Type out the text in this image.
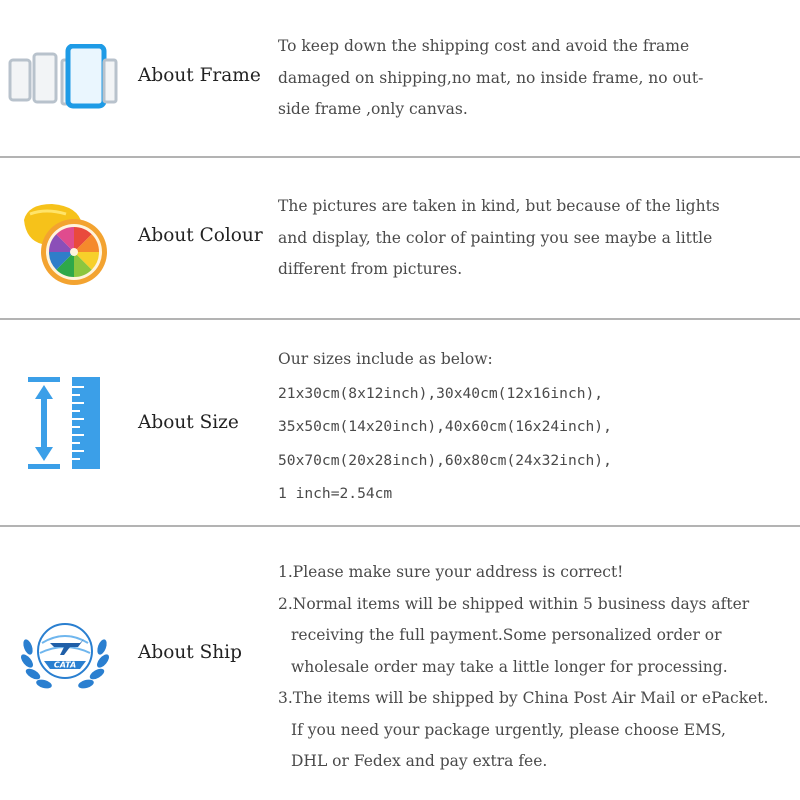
About Frame
To keep down the shipping cost and avoid the frame
damaged on shipping,no mat, no inside frame, no out-
side frame ,only canvas.
About Colour
The pictures are taken in kind, but because of the lights
and display, the color of painting you see maybe a little
different from pictures.
About Size
Our sizes include as below:
21x30cm(8x12inch),30x40cm(12x16inch),
35x50cm(14x20inch),40x60cm(16x24inch),
50x70cm(20x28inch),60x80cm(24x32inch),
1 inch=2.54cm
CATA
About Ship
1.Please make sure your address is correct!
2.Normal items will be shipped within 5 business days after
receiving the full payment.Some personalized order or
wholesale order may take a little longer for processing.
3.The items will be shipped by China Post Air Mail or ePacket.
If you need your package urgently, please choose EMS,
DHL or Fedex and pay extra fee.
